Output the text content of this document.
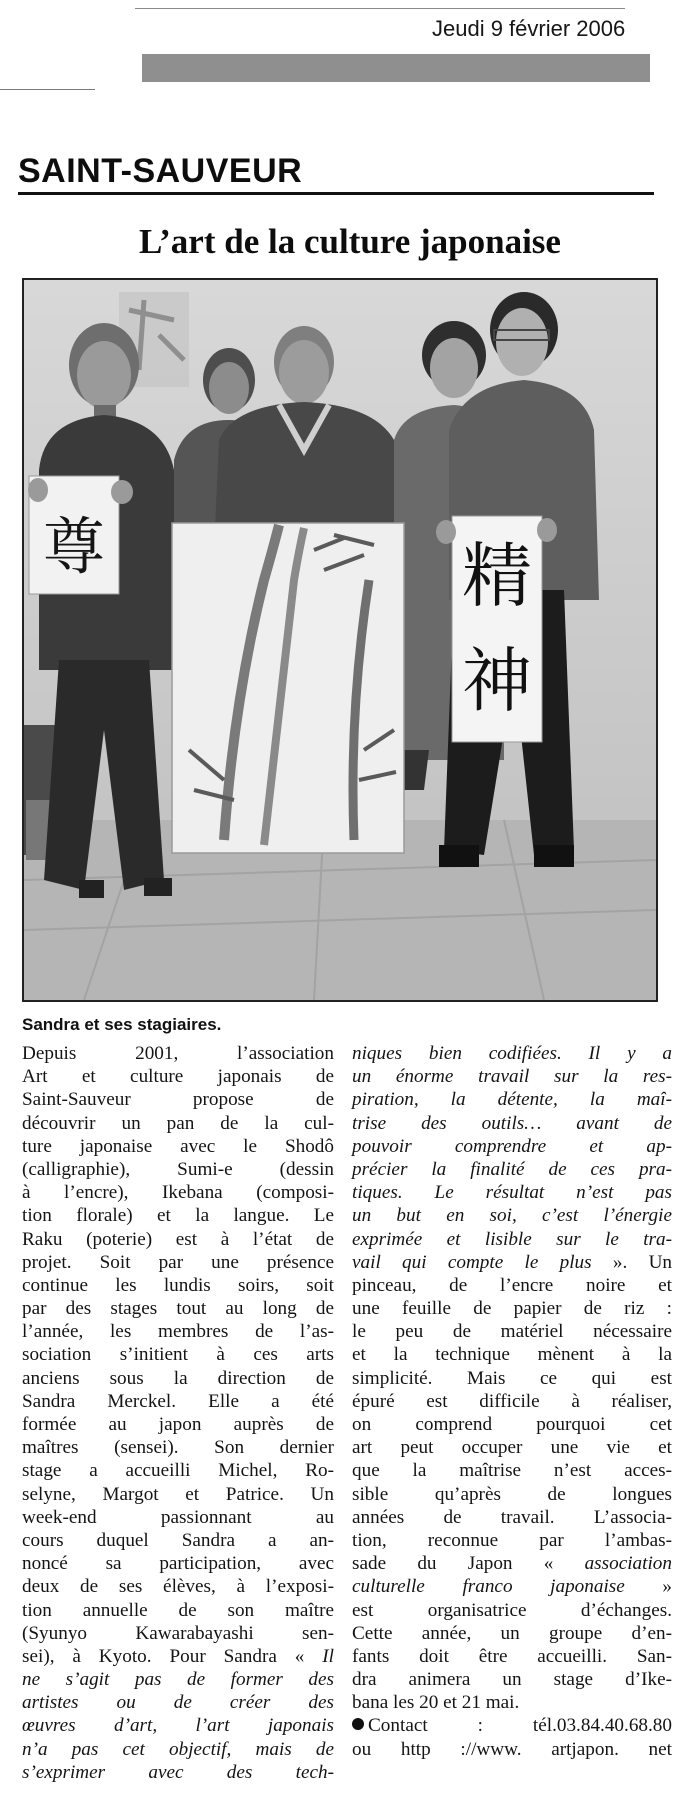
Jeudi 9 février 2006
SAINT-SAUVEUR
L’art de la culture japonaise
尊	精
神
Sandra et ses stagiaires.
Depuis 2001, l’association
Art et culture japonais de
Saint-Sauveur propose de
découvrir un pan de la cul-
ture japonaise avec le Shodô
(calligraphie), Sumi-e (dessin
à l’encre), Ikebana (composi-
tion florale) et la langue. Le
Raku (poterie) est à l’état de
projet. Soit par une présence
continue les lundis soirs, soit
par des stages tout au long de
l’année, les membres de l’as-
sociation s’initient à ces arts
anciens sous la direction de
Sandra Merckel. Elle a été
formée au japon auprès de
maîtres (sensei). Son dernier
stage a accueilli Michel, Ro-
selyne, Margot et Patrice. Un
week-end passionnant au
cours duquel Sandra a an-
noncé sa participation, avec
deux de ses élèves, à l’exposi-
tion annuelle de son maître
(Syunyo Kawarabayashi sen-
sei), à Kyoto. Pour Sandra « Il
ne s’agit pas de former des
artistes ou de créer des
œuvres d’art, l’art japonais
n’a pas cet objectif, mais de
s’exprimer avec des tech-
niques bien codifiées. Il y a
un énorme travail sur la res-
piration, la détente, la maî-
trise des outils… avant de
pouvoir comprendre et ap-
précier la finalité de ces pra-
tiques. Le résultat n’est pas
un but en soi, c’est l’énergie
exprimée et lisible sur le tra-
vail qui compte le plus ». Un
pinceau, de l’encre noire et
une feuille de papier de riz :
le peu de matériel nécessaire
et la technique mènent à la
simplicité. Mais ce qui est
épuré est difficile à réaliser,
on comprend pourquoi cet
art peut occuper une vie et
que la maîtrise n’est acces-
sible qu’après de longues
années de travail. L’associa-
tion, reconnue par l’ambas-
sade du Japon « association
culturelle franco japonaise »
est organisatrice d’échanges.
Cette année, un groupe d’en-
fants doit être accueilli. San-
dra animera un stage d’Ike-
bana les 20 et 21 mai.
Contact : tél.03.84.40.68.80
ou http ://www. artjapon. net
